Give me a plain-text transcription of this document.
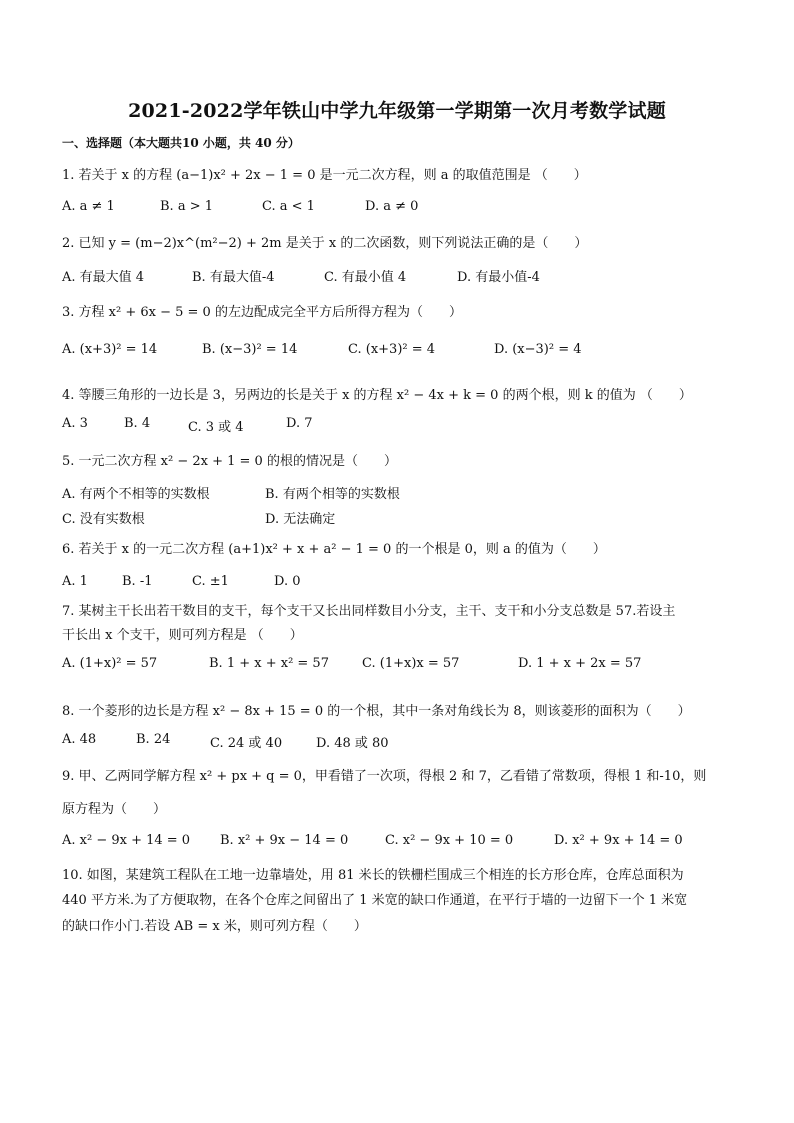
2021-2022学年铁山中学九年级第一学期第一次月考数学试题
一、选择题（本大题共10 小题，共 40 分）
1. 若关于 x 的方程 (a−1)x² + 2x − 1 = 0 是一元二次方程，则 a 的取值范围是 （　　）
A. a ≠ 1	B. a > 1	C. a < 1	D. a ≠ 0
2. 已知 y = (m−2)x^(m²−2) + 2m 是关于 x 的二次函数，则下列说法正确的是（　　）
A. 有最大值 4	B. 有最大值-4	C. 有最小值 4	D. 有最小值-4
3. 方程 x² + 6x − 5 = 0 的左边配成完全平方后所得方程为（　　）
A. (x+3)² = 14	B. (x−3)² = 14	C. (x+3)² = 4	D. (x−3)² = 4
4. 等腰三角形的一边长是 3，另两边的长是关于 x 的方程 x² − 4x + k = 0 的两个根，则 k 的值为 （　　）
A. 3	B. 4	C. 3 或 4	D. 7
5. 一元二次方程 x² − 2x + 1 = 0 的根的情况是（　　）
A. 有两个不相等的实数根	B. 有两个相等的实数根
C. 没有实数根	D. 无法确定
6. 若关于 x 的一元二次方程 (a+1)x² + x + a² − 1 = 0 的一个根是 0，则 a 的值为（　　）
A. 1	B. -1	C. ±1	D. 0
7. 某树主干长出若干数目的支干，每个支干又长出同样数目小分支，主干、支干和小分支总数是 57.若设主
干长出 x 个支干，则可列方程是 （　　）
A. (1+x)² = 57	B. 1 + x + x² = 57	C. (1+x)x = 57	D. 1 + x + 2x = 57
8. 一个菱形的边长是方程 x² − 8x + 15 = 0 的一个根，其中一条对角线长为 8，则该菱形的面积为（　　）
A. 48	B. 24	C. 24 或 40	D. 48 或 80
9. 甲、乙两同学解方程 x² + px + q = 0，甲看错了一次项，得根 2 和 7，乙看错了常数项，得根 1 和-10，则
原方程为（　　）
A. x² − 9x + 14 = 0 B. x² + 9x − 14 = 0	C. x² − 9x + 10 = 0	D. x² + 9x + 14 = 0
10. 如图，某建筑工程队在工地一边靠墙处，用 81 米长的铁栅栏围成三个相连的长方形仓库，仓库总面积为
440 平方米.为了方便取物，在各个仓库之间留出了 1 米宽的缺口作通道，在平行于墙的一边留下一个 1 米宽
的缺口作小门.若设 AB = x 米，则可列方程（　　）
